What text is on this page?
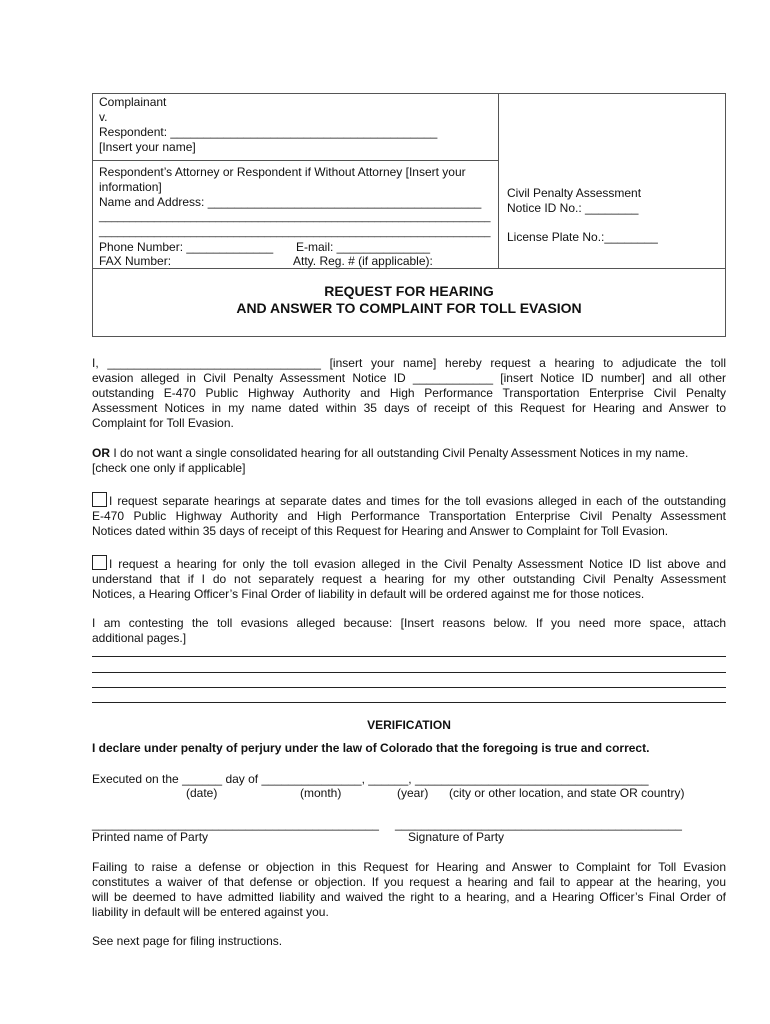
Complainant
v.
Respondent: ________________________________________
[Insert your name]
Respondent’s Attorney or Respondent if Without Attorney [Insert your
information]
Name and Address: _________________________________________
________________________________________________________________
________________________________________________________________
Phone Number: _____________ E-mail: ______________
FAX Number:	Atty. Reg. # (if applicable):
Civil Penalty Assessment
Notice ID No.: ________
License Plate No.:________
REQUEST FOR HEARING
AND ANSWER TO COMPLAINT FOR TOLL EVASION
I, ________________________________ [insert your name] hereby request a hearing to adjudicate the toll
evasion alleged in Civil Penalty Assessment Notice ID ____________ [insert Notice ID number] and all other
outstanding E-470 Public Highway Authority and High Performance Transportation Enterprise Civil Penalty
Assessment Notices in my name dated within 35 days of receipt of this Request for Hearing and Answer to
Complaint for Toll Evasion.
OR I do not want a single consolidated hearing for all outstanding Civil Penalty Assessment Notices in my name.
[check one only if applicable]
I request separate hearings at separate dates and times for the toll evasions alleged in each of the outstanding
E-470 Public Highway Authority and High Performance Transportation Enterprise Civil Penalty Assessment
Notices dated within 35 days of receipt of this Request for Hearing and Answer to Complaint for Toll Evasion.
I request a hearing for only the toll evasion alleged in the Civil Penalty Assessment Notice ID list above and
understand that if I do not separately request a hearing for my other outstanding Civil Penalty Assessment
Notices, a Hearing Officer’s Final Order of liability in default will be ordered against me for those notices.
I am contesting the toll evasions alleged because: [Insert reasons below. If you need more space, attach
additional pages.]
VERIFICATION
I declare under penalty of perjury under the law of Colorado that the foregoing is true and correct.
Executed on the ______ day of _______________, ______, ___________________________________
(date)	(month)	(year) (city or other location, and state OR country)
___________________________________________ ___________________________________________
Printed name of Party	Signature of Party
Failing to raise a defense or objection in this Request for Hearing and Answer to Complaint for Toll Evasion
constitutes a waiver of that defense or objection. If you request a hearing and fail to appear at the hearing, you
will be deemed to have admitted liability and waived the right to a hearing, and a Hearing Officer’s Final Order of
liability in default will be entered against you.
See next page for filing instructions.
